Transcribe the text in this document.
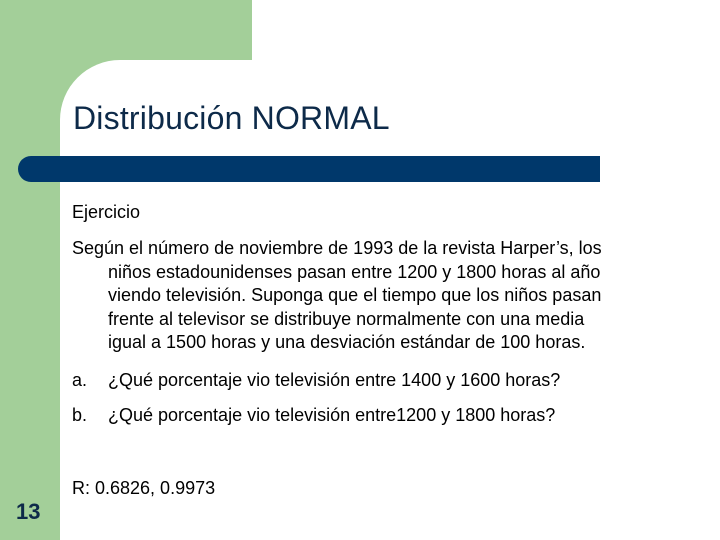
Distribución NORMAL
Ejercicio
Según el número de noviembre de 1993 de la revista Harper’s, los
niños estadounidenses pasan entre 1200 y 1800 horas al año
viendo televisión. Suponga que el tiempo que los niños pasan
frente al televisor se distribuye normalmente con una media
igual a 1500 horas y una desviación estándar de 100 horas.
a. ¿Qué porcentaje vio televisión entre 1400 y 1600 horas?
b. ¿Qué porcentaje vio televisión entre1200 y 1800 horas?
R: 0.6826, 0.9973
13
